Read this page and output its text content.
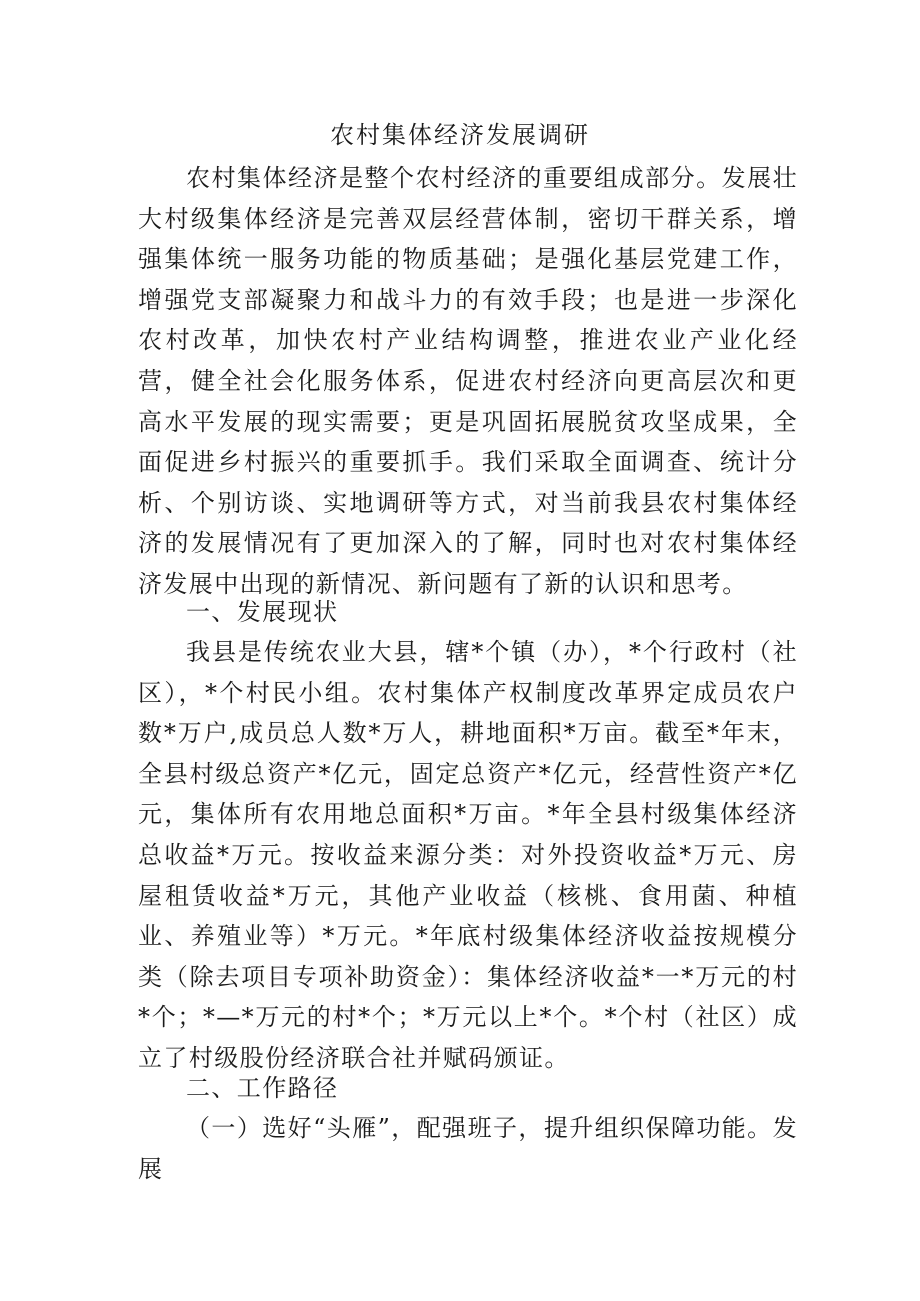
农村集体经济发展调研

农村集体经济是整个农村经济的重要组成部分。发展壮大村级集体经济是完善双层经营体制，密切干群关系，增强集体统一服务功能的物质基础；是强化基层党建工作，增强党支部凝聚力和战斗力的有效手段；也是进一步深化农村改革，加快农村产业结构调整，推进农业产业化经营，健全社会化服务体系，促进农村经济向更高层次和更高水平发展的现实需要；更是巩固拓展脱贫攻坚成果，全面促进乡村振兴的重要抓手。我们采取全面调查、统计分析、个别访谈、实地调研等方式，对当前我县农村集体经济的发展情况有了更加深入的了解，同时也对农村集体经济发展中出现的新情况、新问题有了新的认识和思考。

一、发展现状

我县是传统农业大县，辖*个镇（办），*个行政村（社区），*个村民小组。农村集体产权制度改革界定成员农户数*万户,成员总人数*万人，耕地面积*万亩。截至*年末，全县村级总资产*亿元，固定总资产*亿元，经营性资产*亿元，集体所有农用地总面积*万亩。*年全县村级集体经济总收益*万元。按收益来源分类：对外投资收益*万元、房屋租赁收益*万元，其他产业收益（核桃、食用菌、种植业、养殖业等）*万元。*年底村级集体经济收益按规模分类（除去项目专项补助资金）：集体经济收益*一*万元的村*个；*—*万元的村*个；*万元以上*个。*个村（社区）成立了村级股份经济联合社并赋码颁证。

二、工作路径

（一）选好“头雁”，配强班子，提升组织保障功能。发展
